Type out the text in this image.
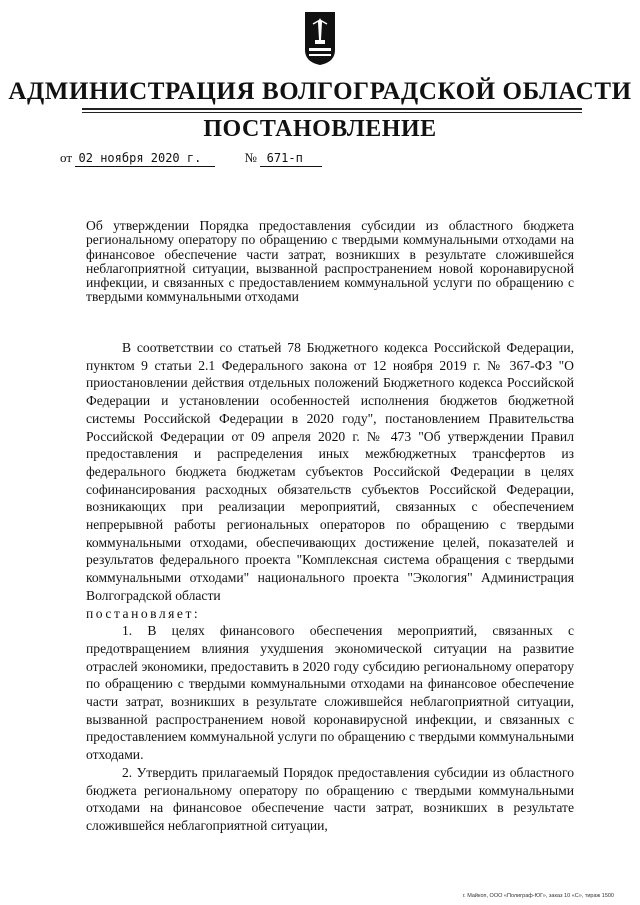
АДМИНИСТРАЦИЯ ВОЛГОГРАДСКОЙ ОБЛАСТИ
ПОСТАНОВЛЕНИЕ
от 02 ноября 2020 г.	№ 671-п

Об утверждении Порядка предоставления субсидии из областного бюджета региональному оператору по обращению с твердыми коммунальными отходами на финансовое обеспечение части затрат, возникших в результате сложившейся неблагоприятной ситуации, вызванной распространением новой коронавирусной инфекции, и связанных с предоставлением коммунальной услуги по обращению с твердыми коммунальными отходами

В соответствии со статьей 78 Бюджетного кодекса Российской Федерации, пунктом 9 статьи 2.1 Федерального закона от 12 ноября 2019 г. № 367-ФЗ "О приостановлении действия отдельных положений Бюджетного кодекса Российской Федерации и установлении особенностей исполнения бюджетов бюджетной системы Российской Федерации в 2020 году", постановлением Правительства Российской Федерации от 09 апреля 2020 г. № 473 "Об утверждении Правил предоставления и распределения иных межбюджетных трансфертов из федерального бюджета бюджетам субъектов Российской Федерации в целях софинансирования расходных обязательств субъектов Российской Федерации, возникающих при реализации мероприятий, связанных с обеспечением непрерывной работы региональных операторов по обращению с твердыми коммунальными отходами, обеспечивающих достижение целей, показателей и результатов федерального проекта "Комплексная система обращения с твердыми коммунальными отходами" национального проекта "Экология" Администрация Волгоградской области

постановляет:

1. В целях финансового обеспечения мероприятий, связанных с предотвращением влияния ухудшения экономической ситуации на развитие отраслей экономики, предоставить в 2020 году субсидию региональному оператору по обращению с твердыми коммунальными отходами на финансовое обеспечение части затрат, возникших в результате сложившейся неблагоприятной ситуации, вызванной распространением новой коронавирусной инфекции, и связанных с предоставлением коммунальной услуги по обращению с твердыми коммунальными отходами.

2. Утвердить прилагаемый Порядок предоставления субсидии из областного бюджета региональному оператору по обращению с твердыми коммунальными отходами на финансовое обеспечение части затрат, возникших в результате сложившейся неблагоприятной ситуации,

г. Майкоп, ООО «Полиграф-ЮГ», заказ 10 «С», тираж 1500
